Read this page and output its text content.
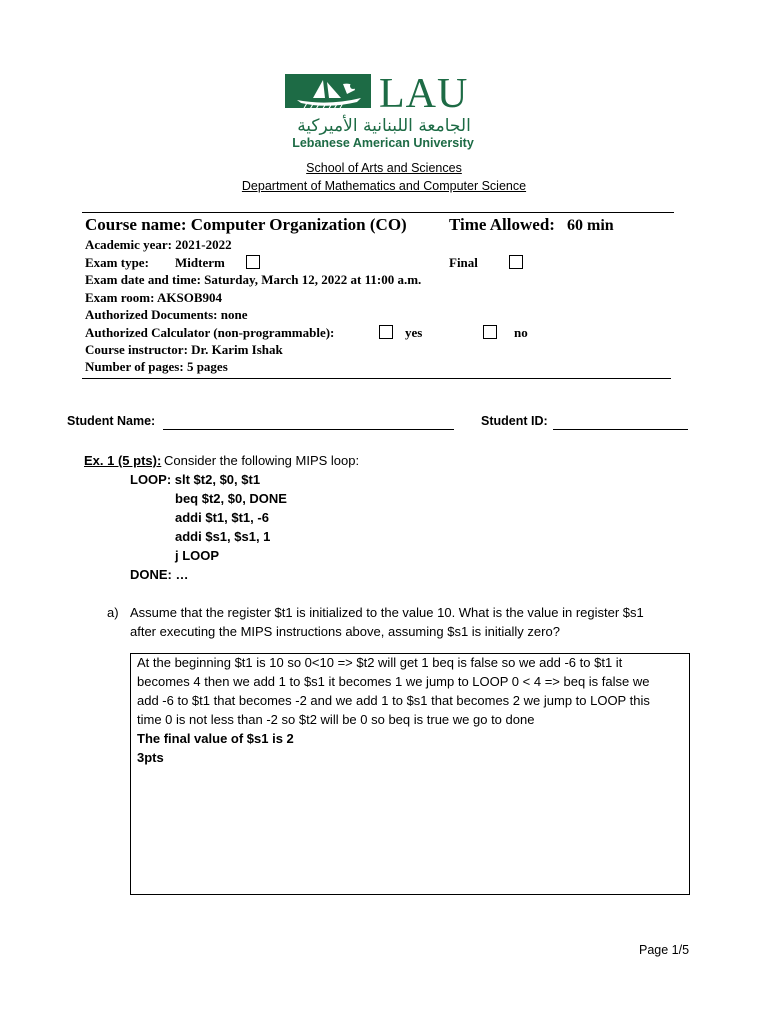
LAU
الجامعة اللبنانية الأميركية
Lebanese American University
School of Arts and Sciences
Department of Mathematics and Computer Science
Course name: Computer Organization (CO) Time Allowed: 60 min
Academic year: 2021-2022
Exam type: Midterm	Final
Exam date and time: Saturday, March 12, 2022 at 11:00 a.m.
Exam room: AKSOB904
Authorized Documents: none
Authorized Calculator (non-programmable):	yes	no
Course instructor: Dr. Karim Ishak
Number of pages: 5 pages
Student Name:	Student ID:
Ex. 1 (5 pts): Consider the following MIPS loop:
LOOP: slt $t2, $0, $t1
beq $t2, $0, DONE
addi $t1, $t1, -6
addi $s1, $s1, 1
j LOOP
DONE: …
a) Assume that the register $t1 is initialized to the value 10. What is the value in register $s1
after executing the MIPS instructions above, assuming $s1 is initially zero?
At the beginning $t1 is 10 so 0<10 => $t2 will get 1 beq is false so we add -6 to $t1 it
becomes 4 then we add 1 to $s1 it becomes 1 we jump to LOOP 0 < 4 => beq is false we
add -6 to $t1 that becomes -2 and we add 1 to $s1 that becomes 2 we jump to LOOP this
time 0 is not less than -2 so $t2 will be 0 so beq is true we go to done
The final value of $s1 is 2
3pts
Page 1/5
